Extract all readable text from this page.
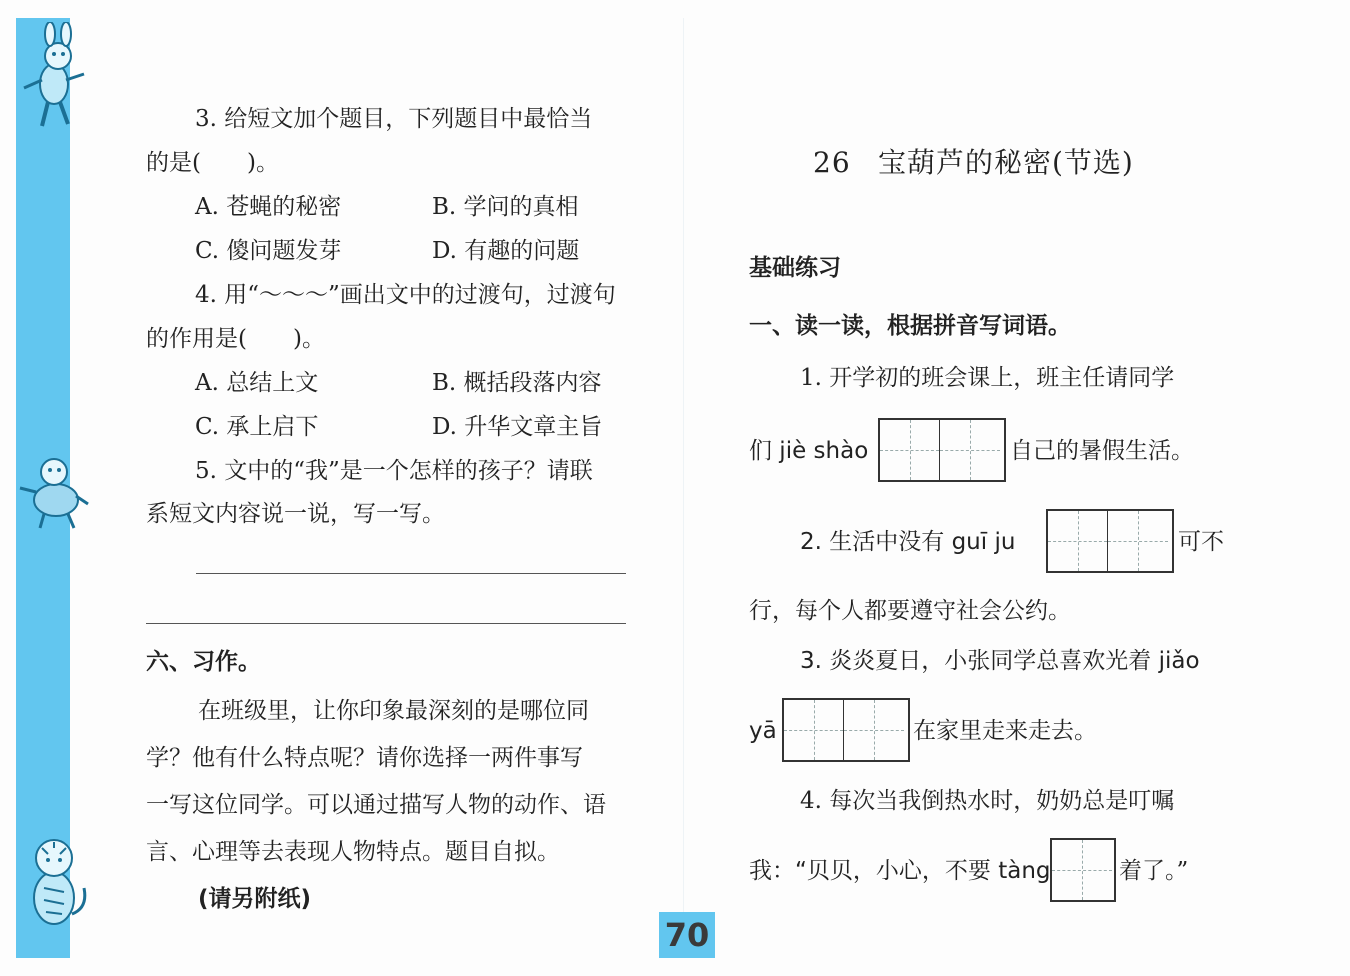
3. 给短文加个题目，下列题目中最恰当
的是(　　)。
A. 苍蝇的秘密	B. 学问的真相
C. 傻问题发芽	D. 有趣的问题
4. 用“～～～”画出文中的过渡句，过渡句
的作用是(　　)。
A. 总结上文	B. 概括段落内容
C. 承上启下	D. 升华文章主旨
5. 文中的“我”是一个怎样的孩子？请联
系短文内容说一说，写一写。
六、习作。
在班级里，让你印象最深刻的是哪位同
学？他有什么特点呢？请你选择一两件事写
一写这位同学。可以通过描写人物的动作、语
言、心理等去表现人物特点。题目自拟。
(请另附纸)
26 宝葫芦的秘密(节选)
基础练习
一、读一读，根据拼音写词语。
1. 开学初的班会课上，班主任请同学
们 jiè shào	自己的暑假生活。
2. 生活中没有 guī ju	可不
行，每个人都要遵守社会公约。
3. 炎炎夏日，小张同学总喜欢光着 jiǎo
yā	在家里走来走去。
4. 每次当我倒热水时，奶奶总是叮嘱
我：“贝贝，小心，不要 tàng	着了。”
70
